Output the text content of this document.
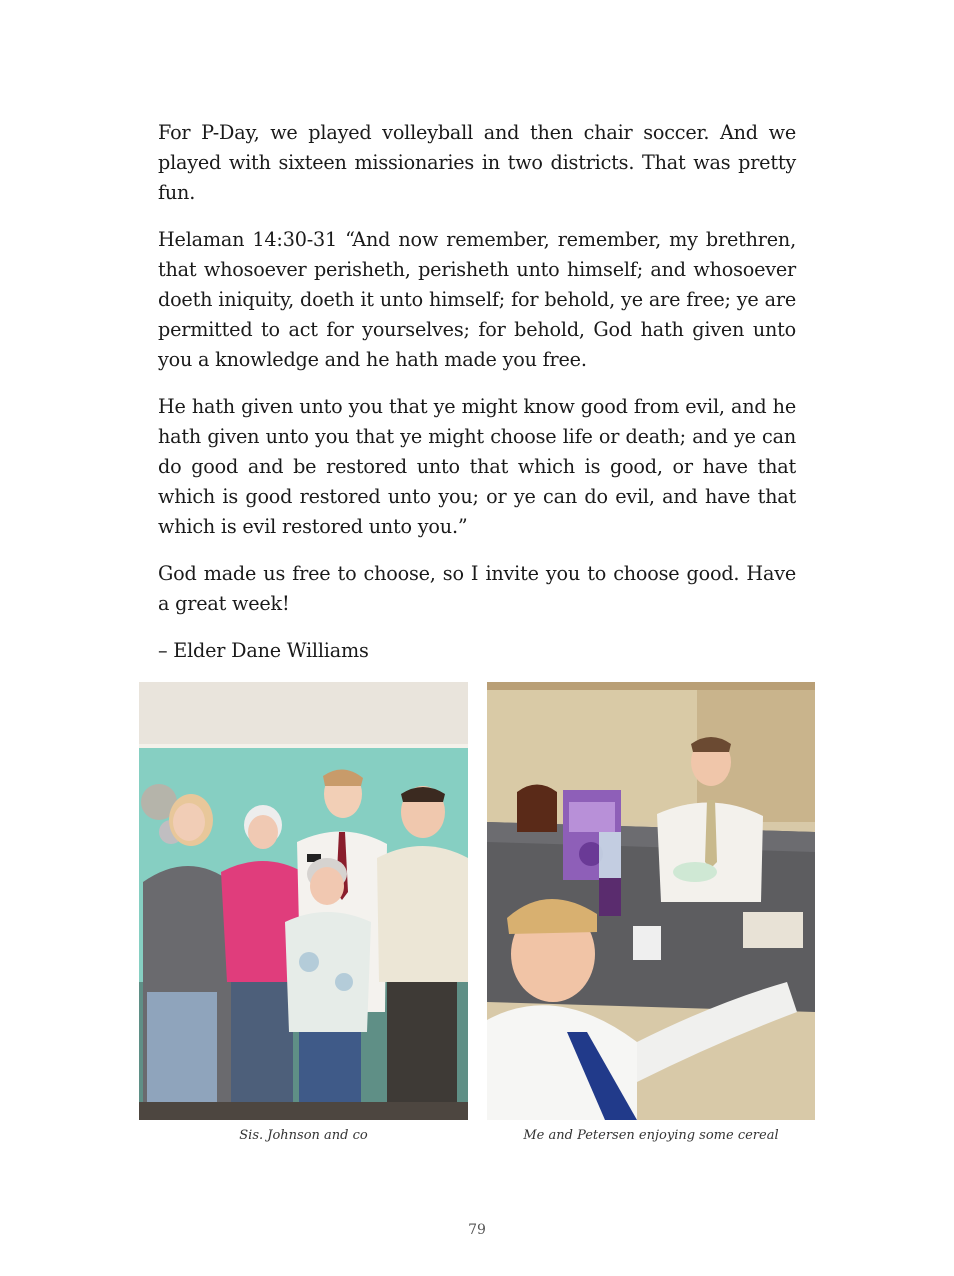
For P-Day, we played volleyball and then chair soccer. And we played with sixteen missionaries in two districts. That was pretty fun.

Helaman 14:30-31 “And now remember, remember, my brethren, that whosoever perisheth, perisheth unto himself; and whosoever doeth iniquity, doeth it unto himself; for behold, ye are free; ye are permitted to act for yourselves; for behold, God hath given unto you a knowledge and he hath made you free.

He hath given unto you that ye might know good from evil, and he hath given unto you that ye might choose life or death; and ye can do good and be restored unto that which is good, or have that which is good restored unto you; or ye can do evil, and have that which is evil restored unto you.”

God made us free to choose, so I invite you to choose good. Have a great week!

– Elder Dane Williams

Sis. Johnson and co	Me and Petersen enjoying some cereal
79
